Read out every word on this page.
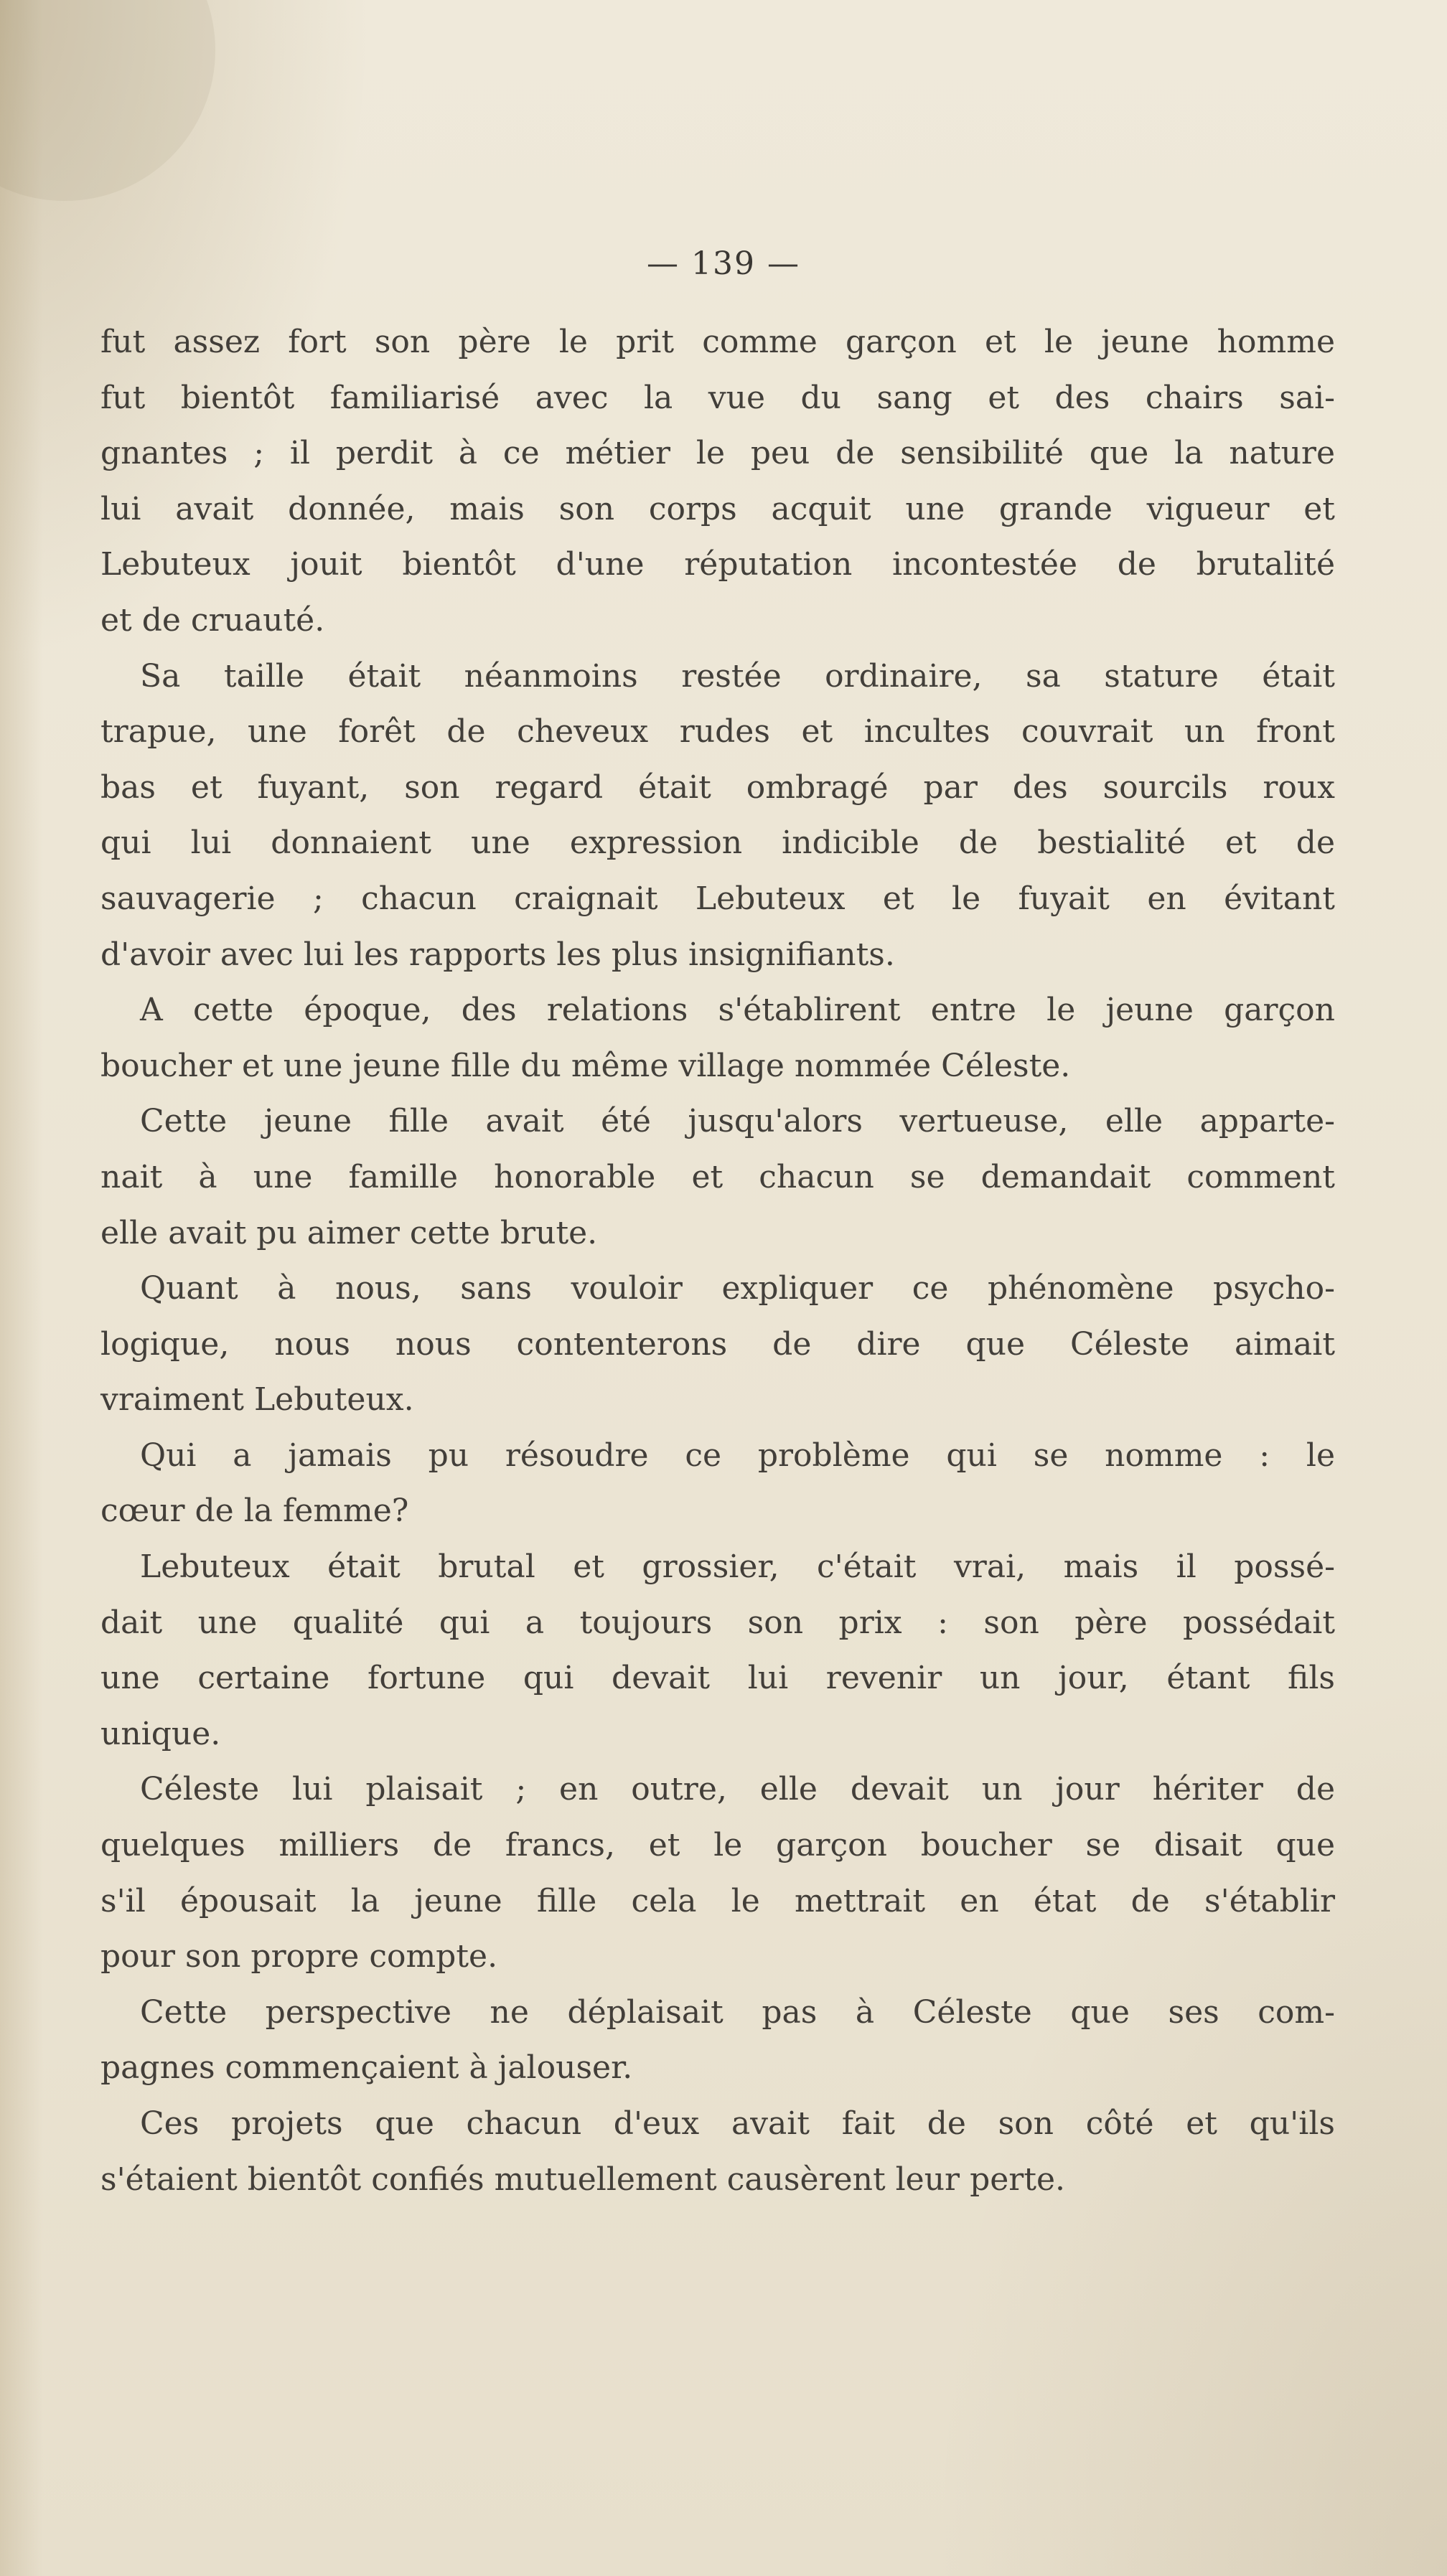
— 139 —
fut assez fort son père le prit comme garçon et le jeune homme
fut bientôt familiarisé avec la vue du sang et des chairs sai-
gnantes ; il perdit à ce métier le peu de sensibilité que la nature
lui avait donnée, mais son corps acquit une grande vigueur et
Lebuteux jouit bientôt d'une réputation incontestée de brutalité
et de cruauté.
Sa taille était néanmoins restée ordinaire, sa stature était
trapue, une forêt de cheveux rudes et incultes couvrait un front
bas et fuyant, son regard était ombragé par des sourcils roux
qui lui donnaient une expression indicible de bestialité et de
sauvagerie ; chacun craignait Lebuteux et le fuyait en évitant
d'avoir avec lui les rapports les plus insignifiants.
A cette époque, des relations s'établirent entre le jeune garçon
boucher et une jeune fille du même village nommée Céleste.
Cette jeune fille avait été jusqu'alors vertueuse, elle apparte-
nait à une famille honorable et chacun se demandait comment
elle avait pu aimer cette brute.
Quant à nous, sans vouloir expliquer ce phénomène psycho-
logique, nous nous contenterons de dire que Céleste aimait
vraiment Lebuteux.
Qui a jamais pu résoudre ce problème qui se nomme : le
cœur de la femme?
Lebuteux était brutal et grossier, c'était vrai, mais il possé-
dait une qualité qui a toujours son prix : son père possédait
une certaine fortune qui devait lui revenir un jour, étant fils
unique.
Céleste lui plaisait ; en outre, elle devait un jour hériter de
quelques milliers de francs, et le garçon boucher se disait que
s'il épousait la jeune fille cela le mettrait en état de s'établir
pour son propre compte.
Cette perspective ne déplaisait pas à Céleste que ses com-
pagnes commençaient à jalouser.
Ces projets que chacun d'eux avait fait de son côté et qu'ils
s'étaient bientôt confiés mutuellement causèrent leur perte.
